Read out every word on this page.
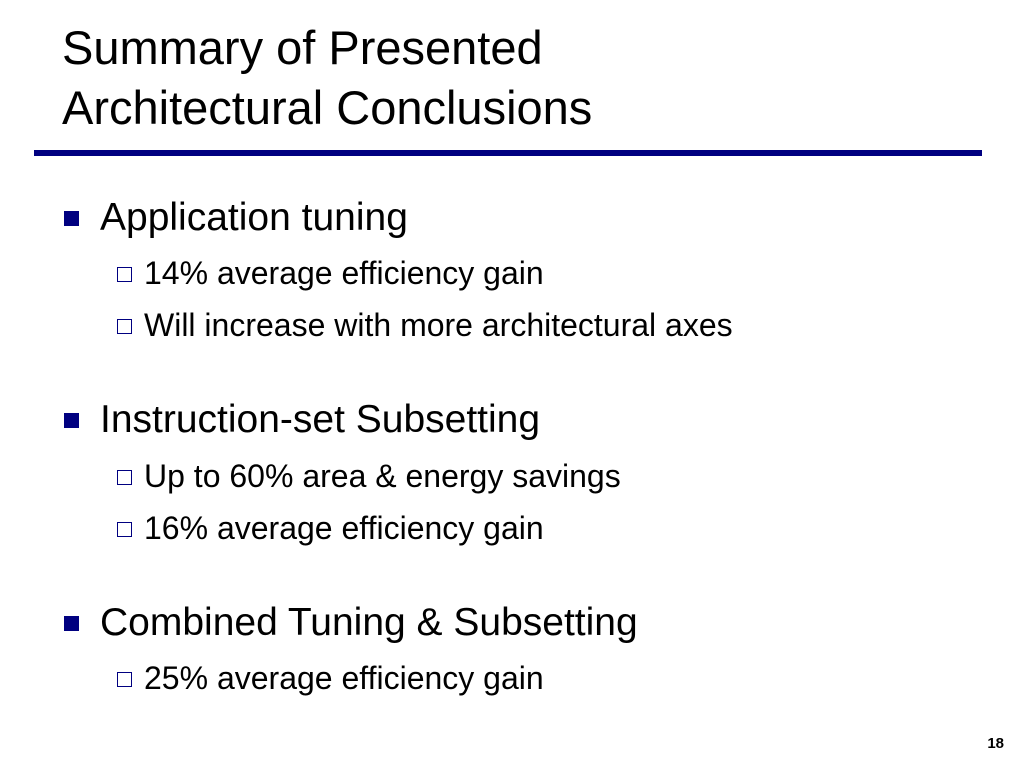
Summary of Presented
Architectural Conclusions
Application tuning
14% average efficiency gain
Will increase with more architectural axes
Instruction-set Subsetting
Up to 60% area & energy savings
16% average efficiency gain
Combined Tuning & Subsetting
25% average efficiency gain
18
